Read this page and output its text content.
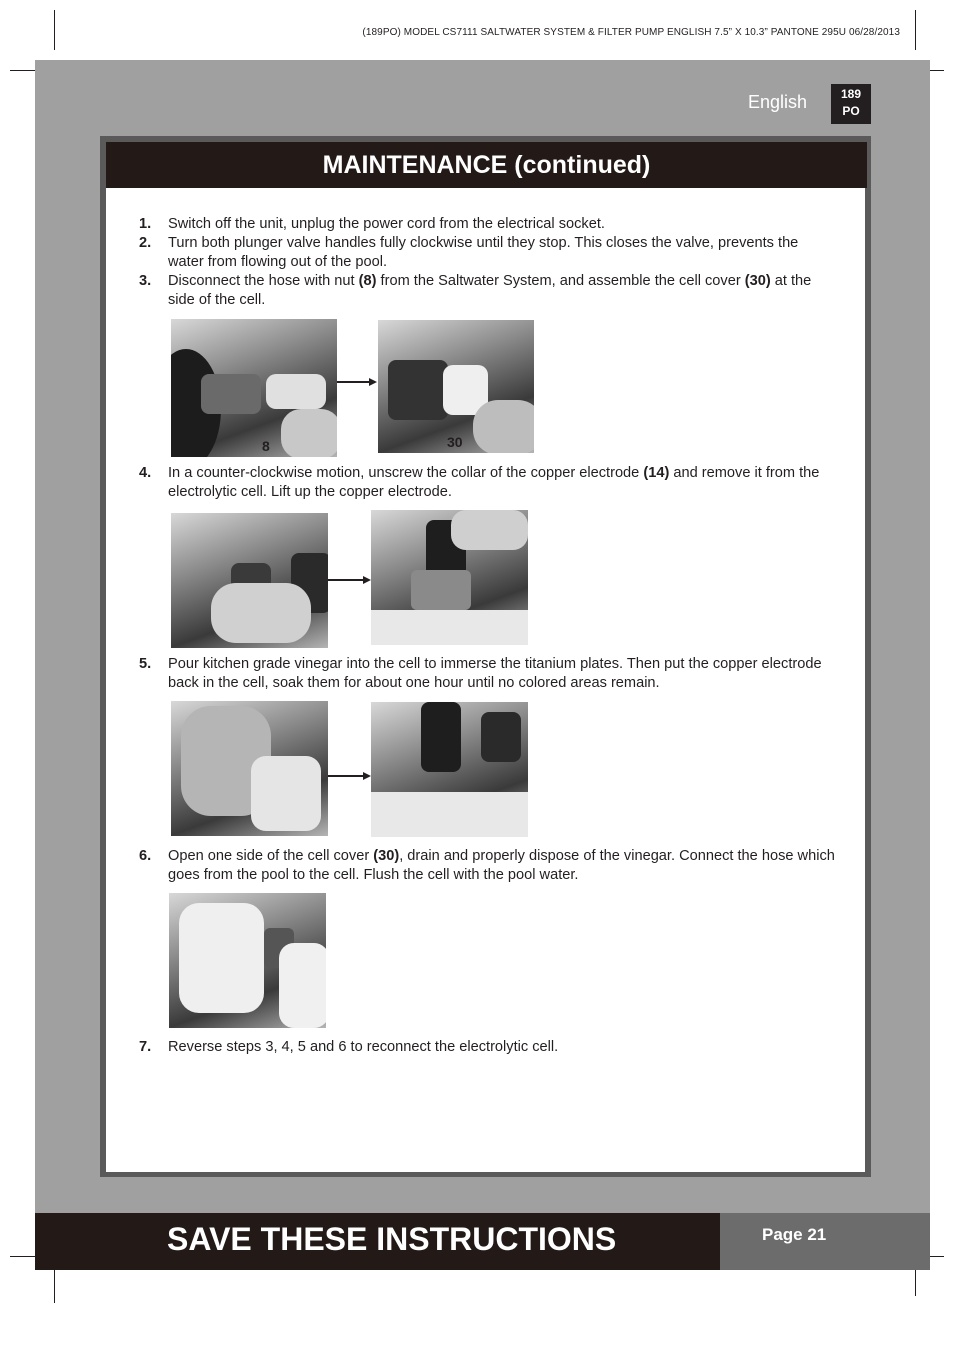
(189PO) MODEL CS7111 SALTWATER SYSTEM & FILTER PUMP ENGLISH 7.5” X 10.3” PANTONE 295U 06/28/2013
English	189
PO
MAINTENANCE (continued)
1. Switch off the unit, unplug the power cord from the electrical socket.
2. Turn both plunger valve handles fully clockwise until they stop. This closes the valve, prevents the water from flowing out of the pool.
3. Disconnect the hose with nut (8) from the Saltwater System, and assemble the cell cover (30) at the side of the cell.
8	30
4. In a counter-clockwise motion, unscrew the collar of the copper electrode (14) and remove it from the electrolytic cell. Lift up the copper electrode.
5. Pour kitchen grade vinegar into the cell to immerse the titanium plates. Then put the copper electrode back in the cell, soak them for about one hour until no colored areas remain.
6. Open one side of the cell cover (30), drain and properly dispose of the vinegar. Connect the hose which goes from the pool to the cell. Flush the cell with the pool water.
7. Reverse steps 3, 4, 5 and 6 to reconnect the electrolytic cell.
SAVE THESE INSTRUCTIONS	Page 21
